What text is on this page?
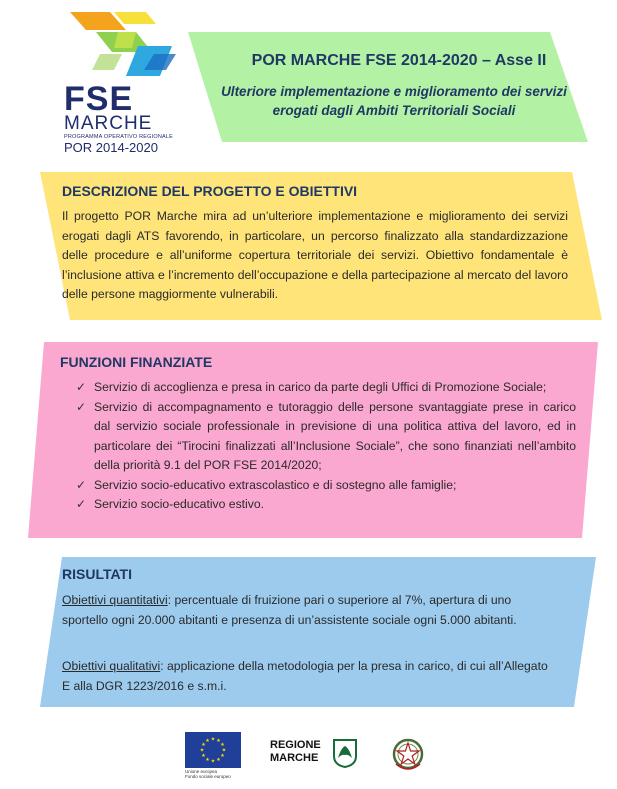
FSE
MARCHE
PROGRAMMA OPERATIVO REGIONALE
POR 2014-2020
POR MARCHE FSE 2014-2020 – Asse II
Ulteriore implementazione e miglioramento dei servizi erogati dagli Ambiti Territoriali Sociali
DESCRIZIONE DEL PROGETTO E OBIETTIVI
Il progetto POR Marche mira ad un’ulteriore implementazione e miglioramento dei servizi erogati dagli ATS favorendo, in particolare, un percorso finalizzato alla standardizzazione delle procedure e all’uniforme copertura territoriale dei servizi. Obiettivo fondamentale è l’inclusione attiva e l’incremento dell’occupazione e della partecipazione al mercato del lavoro delle persone maggiormente vulnerabili.
FUNZIONI FINANZIATE
✓ Servizio di accoglienza e presa in carico da parte degli Uffici di Promozione Sociale;
✓ Servizio di accompagnamento e tutoraggio delle persone svantaggiate prese in carico dal servizio sociale professionale in previsione di una politica attiva del lavoro, ed in particolare dei “Tirocini finalizzati all’Inclusione Sociale”, che sono finanziati nell’ambito della priorità 9.1 del POR FSE 2014/2020;
✓ Servizio socio-educativo extrascolastico e di sostegno alle famiglie;
✓ Servizio socio-educativo estivo.
RISULTATI
Obiettivi quantitativi: percentuale di fruizione pari o superiore al 7%, apertura di uno sportello ogni 20.000 abitanti e presenza di un’assistente sociale ogni 5.000 abitanti.
Obiettivi qualitativi: applicazione della metodologia per la presa in carico, di cui all’Allegato E alla DGR 1223/2016 e s.m.i.
★ ★
★
★
★
★
★
★
★
★
★
★
Unione europea
Fondo sociale europeo
REGIONE
MARCHE
